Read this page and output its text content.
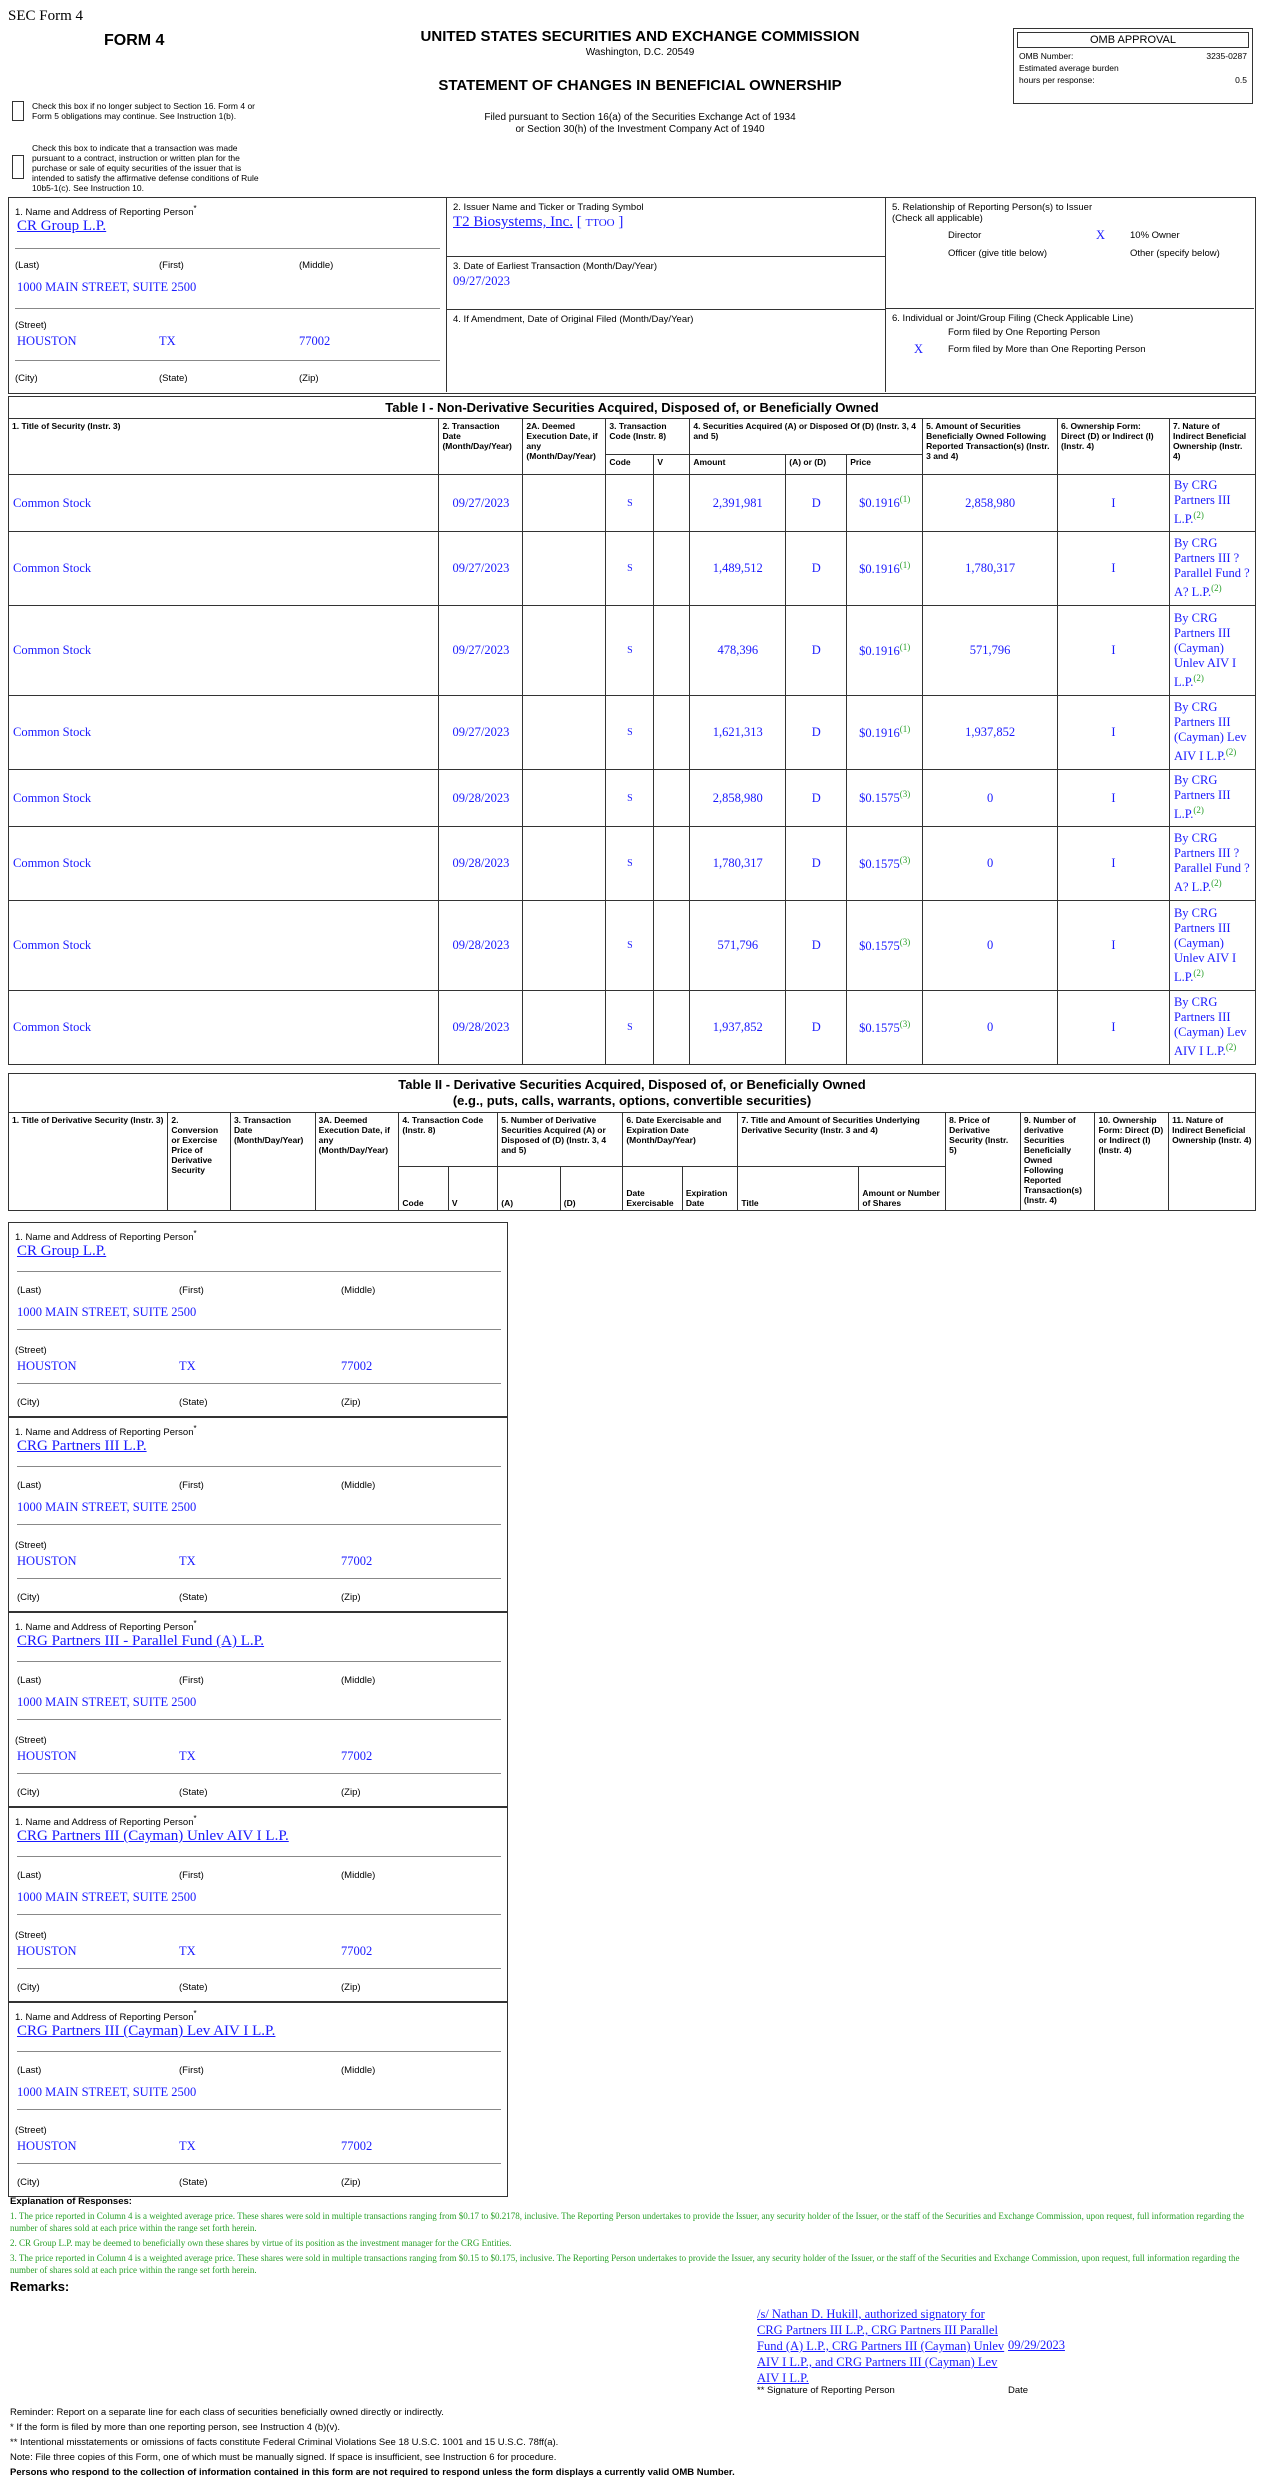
SEC Form 4
FORM 4	UNITED STATES SECURITIES AND EXCHANGE COMMISSION
Washington, D.C. 20549
STATEMENT OF CHANGES IN BENEFICIAL OWNERSHIP
Filed pursuant to Section 16(a) of the Securities Exchange Act of 1934
or Section 30(h) of the Investment Company Act of 1940
Check this box if no longer subject to Section 16. Form 4 or Form 5 obligations may continue. See Instruction 1(b).
Check this box to indicate that a transaction was made pursuant to a contract, instruction or written plan for the purchase or sale of equity securities of the issuer that is intended to satisfy the affirmative defense conditions of Rule 10b5-1(c). See Instruction 10.
OMB APPROVAL
OMB Number:	3235-0287
Estimated average burden
hours per response:	0.5
1. Name and Address of Reporting Person*
CR Group L.P.
(Last)	(First)	(Middle)
1000 MAIN STREET, SUITE 2500
(Street)
HOUSTON	TX	77002
(City)	(State)	(Zip)
2. Issuer Name and Ticker or Trading Symbol
T2 Biosystems, Inc. [ TTOO ]
3. Date of Earliest Transaction (Month/Day/Year)
09/27/2023
4. If Amendment, Date of Original Filed (Month/Day/Year)
5. Relationship of Reporting Person(s) to Issuer
(Check all applicable)
Director	X	10% Owner
Officer (give title below)	Other (specify below)
6. Individual or Joint/Group Filing (Check Applicable Line)
Form filed by One Reporting Person
X	Form filed by More than One Reporting Person
Table I - Non-Derivative Securities Acquired, Disposed of, or Beneficially Owned										
1. Title of Security (Instr. 3)	2. Transaction Date (Month/Day/Year)	2A. Deemed Execution Date, if any (Month/Day/Year)	3. Transaction Code (Instr. 8)		4. Securities Acquired (A) or Disposed Of (D) (Instr. 3, 4 and 5)			5. Amount of Securities Beneficially Owned Following Reported Transaction(s) (Instr. 3 and 4)	6. Ownership Form: Direct (D) or Indirect (I) (Instr. 4)	7. Nature of Indirect Beneficial Ownership (Instr. 4)
			Code	V	Amount	(A) or (D)	Price			
Common Stock	09/27/2023		S		2,391,981	D	$0.1916$^{(1)}$	2,858,980	I	By CRG Partners III L.P.$^{(2)}$
Common Stock	09/27/2023		S		1,489,512	D	$0.1916$^{(1)}$	1,780,317	I	By CRG Partners III ? Parallel Fund ?A? L.P.$^{(2)}$
Common Stock	09/27/2023		S		478,396	D	$0.1916$^{(1)}$	571,796	I	By CRG Partners III (Cayman) Unlev AIV I L.P.$^{(2)}$
Common Stock	09/27/2023		S		1,621,313	D	$0.1916$^{(1)}$	1,937,852	I	By CRG Partners III (Cayman) Lev AIV I L.P.$^{(2)}$
Common Stock	09/28/2023		S		2,858,980	D	$0.1575$^{(3)}$	0	I	By CRG Partners III L.P.$^{(2)}$
Common Stock	09/28/2023		S		1,780,317	D	$0.1575$^{(3)}$	0	I	By CRG Partners III ? Parallel Fund ?A? L.P.$^{(2)}$
Common Stock	09/28/2023		S		571,796	D	$0.1575$^{(3)}$	0	I	By CRG Partners III (Cayman) Unlev AIV I L.P.$^{(2)}$
Common Stock	09/28/2023		S		1,937,852	D	$0.1575$^{(3)}$	0	I	By CRG Partners III (Cayman) Lev AIV I L.P.$^{(2)}$
Table II - Derivative Securities Acquired, Disposed of, or Beneficially Owned
(e.g., puts, calls, warrants, options, convertible securities)															

1. Title of Derivative Security (Instr. 3)	2. Conversion or Exercise Price of Derivative Security	3. Transaction Date (Month/Day/Year)	3A. Deemed Execution Date, if any (Month/Day/Year)	4. Transaction Code (Instr. 8)		5. Number of Derivative Securities Acquired (A) or Disposed of (D) (Instr. 3, 4 and 5)		6. Date Exercisable and Expiration Date (Month/Day/Year)		7. Title and Amount of Securities Underlying Derivative Security (Instr. 3 and 4)		8. Price of Derivative Security (Instr. 5)	9. Number of derivative Securities Beneficially Owned Following Reported Transaction(s) (Instr. 4)	10. Ownership Form: Direct (D) or Indirect (I) (Instr. 4)	11. Nature of Indirect Beneficial Ownership (Instr. 4)
				Code	V	(A)	(D)	Date Exercisable	Expiration Date	Title	Amount or Number of Shares				
1. Name and Address of Reporting Person*
CR Group L.P.
(Last)	(First)	(Middle)
1000 MAIN STREET, SUITE 2500
(Street)
HOUSTON	TX	77002
(City)	(State)	(Zip)
1. Name and Address of Reporting Person*
CRG Partners III L.P.
(Last)	(First)	(Middle)
1000 MAIN STREET, SUITE 2500
(Street)
HOUSTON	TX	77002
(City)	(State)	(Zip)
1. Name and Address of Reporting Person*
CRG Partners III - Parallel Fund (A) L.P.
(Last)	(First)	(Middle)
1000 MAIN STREET, SUITE 2500
(Street)
HOUSTON	TX	77002
(City)	(State)	(Zip)
1. Name and Address of Reporting Person*
CRG Partners III (Cayman) Unlev AIV I L.P.
(Last)	(First)	(Middle)
1000 MAIN STREET, SUITE 2500
(Street)
HOUSTON	TX	77002
(City)	(State)	(Zip)
1. Name and Address of Reporting Person*
CRG Partners III (Cayman) Lev AIV I L.P.
(Last)	(First)	(Middle)
1000 MAIN STREET, SUITE 2500
(Street)
HOUSTON	TX	77002
(City)	(State)	(Zip)
Explanation of Responses:
1. The price reported in Column 4 is a weighted average price. These shares were sold in multiple transactions ranging from $0.17 to $0.2178, inclusive. The Reporting Person undertakes to provide the Issuer, any security holder of the Issuer, or the staff of the Securities and Exchange Commission, upon request, full information regarding the number of shares sold at each price within the range set forth herein.
2. CR Group L.P. may be deemed to beneficially own these shares by virtue of its position as the investment manager for the CRG Entities.
3. The price reported in Column 4 is a weighted average price. These shares were sold in multiple transactions ranging from $0.15 to $0.175, inclusive. The Reporting Person undertakes to provide the Issuer, any security holder of the Issuer, or the staff of the Securities and Exchange Commission, upon request, full information regarding the number of shares sold at each price within the range set forth herein.
Remarks:
/s/ Nathan D. Hukill, authorized signatory for CRG Partners III L.P., CRG Partners III Parallel Fund (A) L.P., CRG Partners III (Cayman) Unlev AIV I L.P., and CRG Partners III (Cayman) Lev AIV I L.P.
09/29/2023
** Signature of Reporting Person	Date
Reminder: Report on a separate line for each class of securities beneficially owned directly or indirectly.
* If the form is filed by more than one reporting person, see Instruction 4 (b)(v).
** Intentional misstatements or omissions of facts constitute Federal Criminal Violations See 18 U.S.C. 1001 and 15 U.S.C. 78ff(a).
Note: File three copies of this Form, one of which must be manually signed. If space is insufficient, see Instruction 6 for procedure.
Persons who respond to the collection of information contained in this form are not required to respond unless the form displays a currently valid OMB Number.
